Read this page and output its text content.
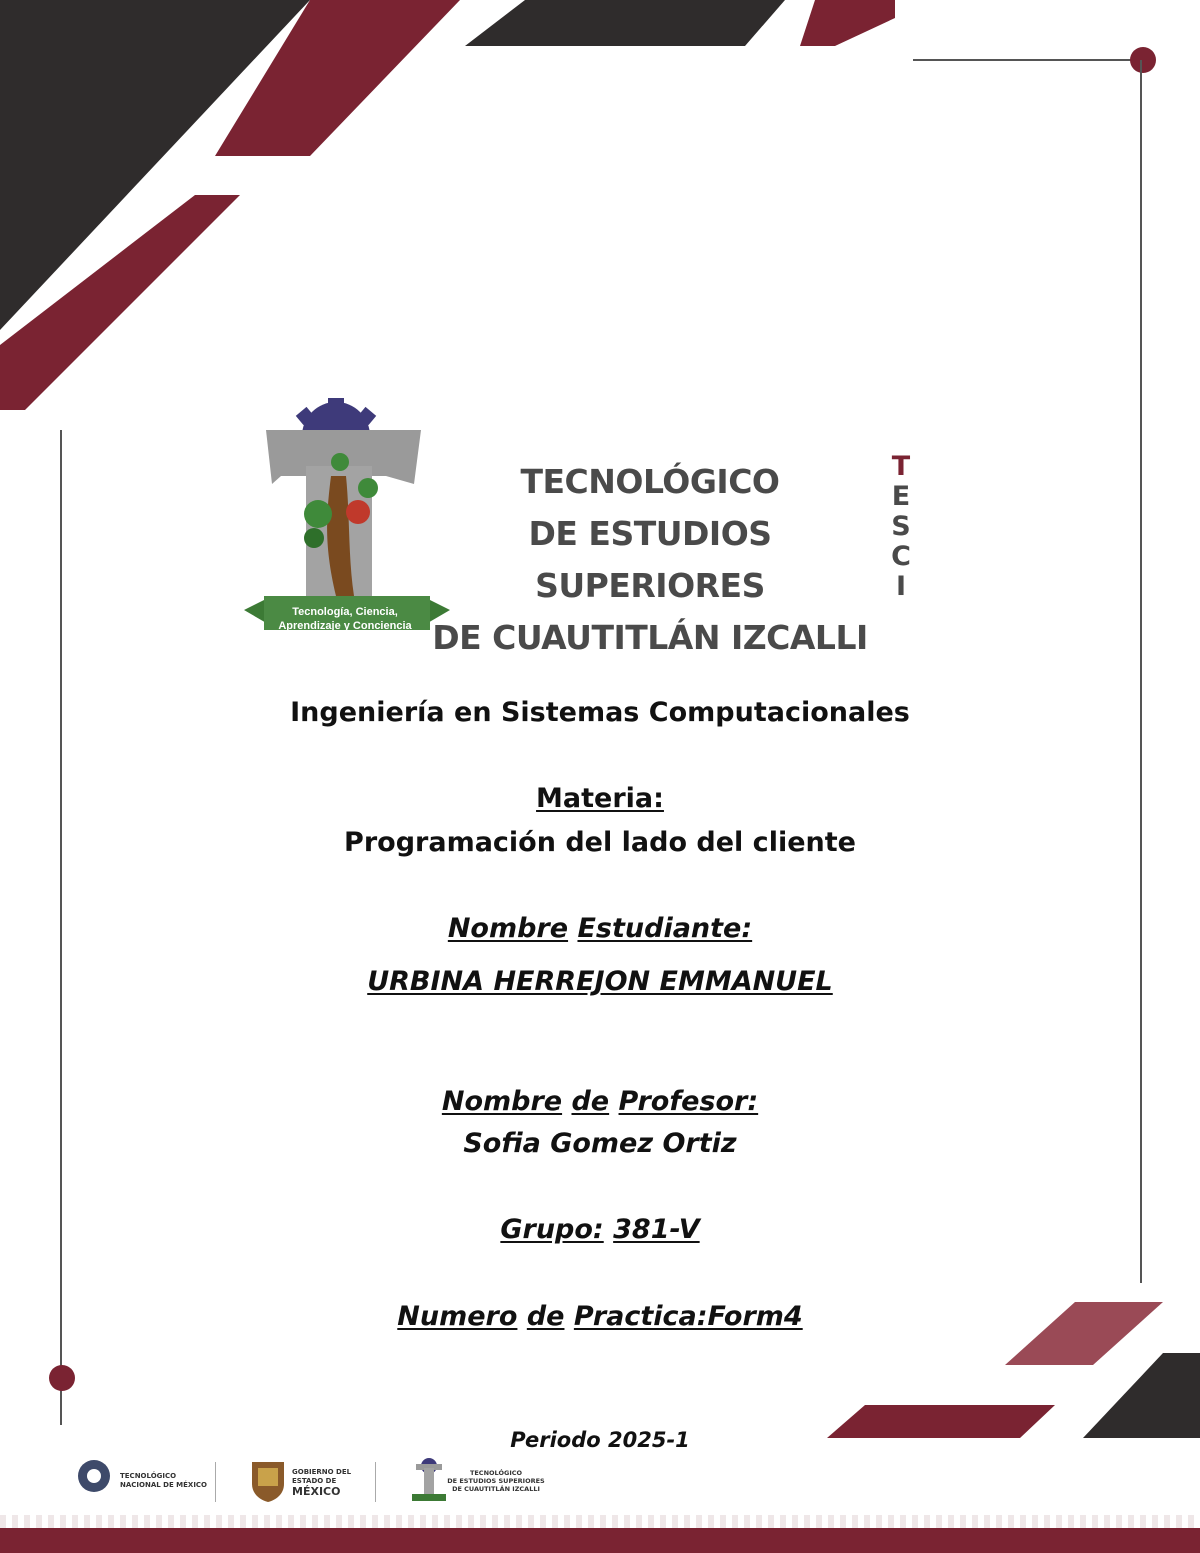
Tecnología, Ciencia,
Aprendizaje y Conciencia
TECNOLÓGICO
DE ESTUDIOS SUPERIORES
DE CUAUTITLÁN IZCALLI
T
E
S
C
I
Ingeniería en Sistemas Computacionales
Materia:
Programación del lado del cliente
Nombre Estudiante:
URBINA HERREJON EMMANUEL
Nombre de Profesor:
Sofia Gomez Ortiz
Grupo: 381-V
Numero de Practica:Form4
Periodo 2025-1
TECNOLÓGICO
NACIONAL DE MÉXICO
GOBIERNO DEL
ESTADO DE
MÉXICO
TECNOLÓGICO
DE ESTUDIOS SUPERIORES
DE CUAUTITLÁN IZCALLI
